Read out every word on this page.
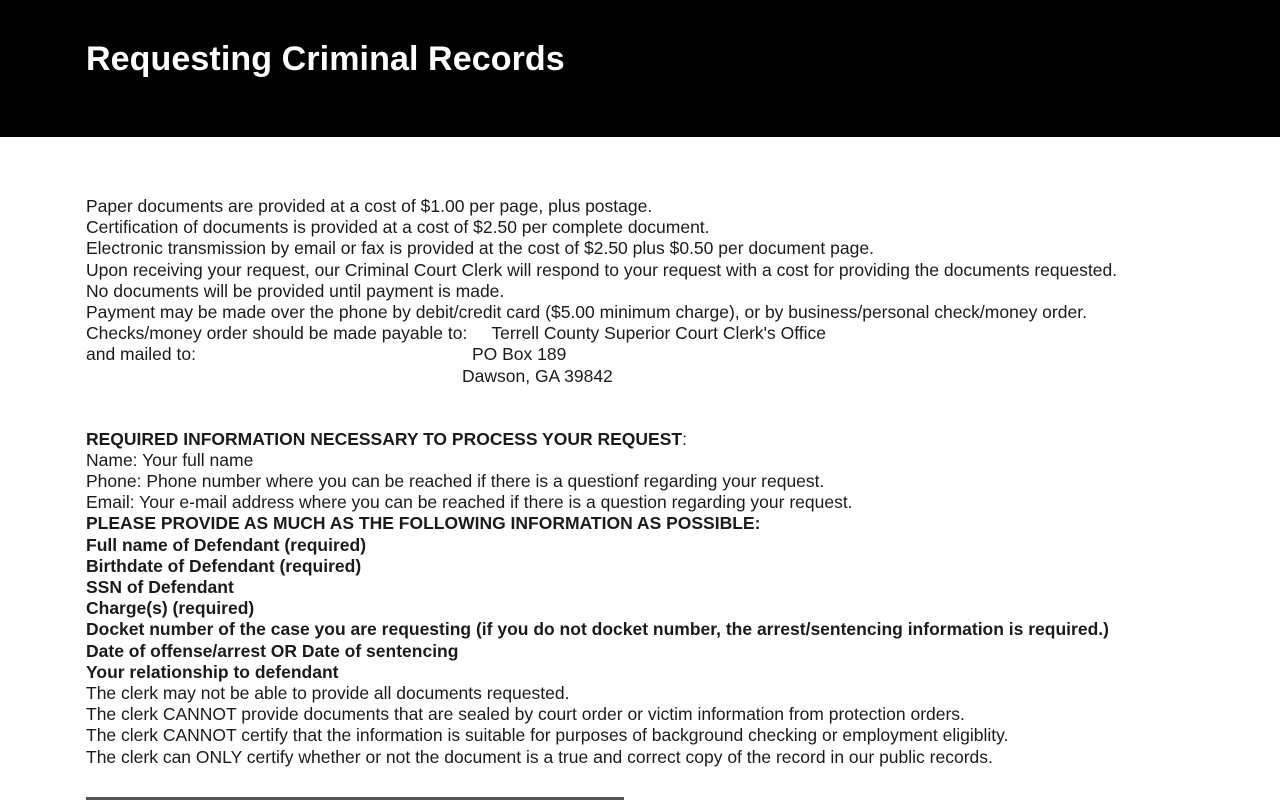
Requesting Criminal Records
Paper documents are provided at a cost of $1.00 per page, plus postage.
Certification of documents is provided at a cost of $2.50 per complete document.
Electronic transmission by email or fax is provided at the cost of $2.50 plus $0.50 per document page.
Upon receiving your request, our Criminal Court Clerk will respond to your request with a cost for providing the documents requested.
No documents will be provided until payment is made.
Payment may be made over the phone by debit/credit card ($5.00 minimum charge), or by business/personal check/money order.
Checks/money order should be made payable to: Terrell County Superior Court Clerk's Office
and mailed to:	PO Box 189
Dawson, GA 39842
REQUIRED INFORMATION NECESSARY TO PROCESS YOUR REQUEST:
Name: Your full name
Phone: Phone number where you can be reached if there is a questionf regarding your request.
Email: Your e-mail address where you can be reached if there is a question regarding your request.
PLEASE PROVIDE AS MUCH AS THE FOLLOWING INFORMATION AS POSSIBLE:
Full name of Defendant (required)
Birthdate of Defendant (required)
SSN of Defendant
Charge(s) (required)
Docket number of the case you are requesting (if you do not docket number, the arrest/sentencing information is required.)
Date of offense/arrest OR Date of sentencing
Your relationship to defendant
The clerk may not be able to provide all documents requested.
The clerk CANNOT provide documents that are sealed by court order or victim information from protection orders.
The clerk CANNOT certify that the information is suitable for purposes of background checking or employment eligiblity.
The clerk can ONLY certify whether or not the document is a true and correct copy of the record in our public records.
